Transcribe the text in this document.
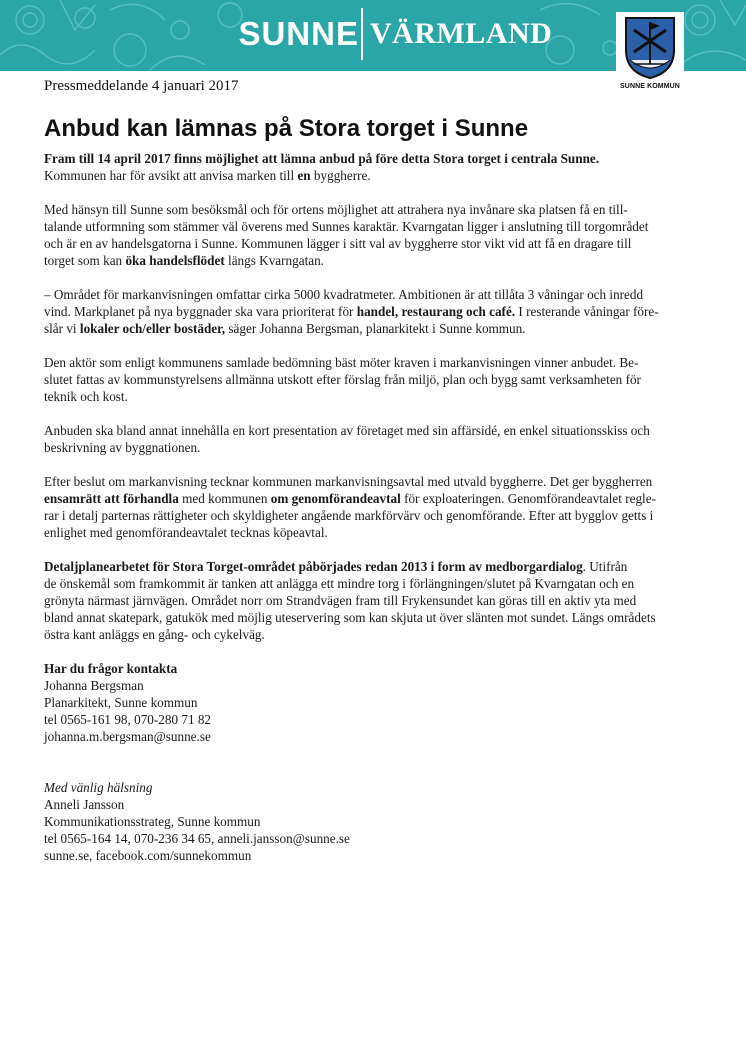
SUNNE VÄRMLAND
SUNNE KOMMUN
Pressmeddelande 4 januari 2017
Anbud kan lämnas på Stora torget i Sunne

Fram till 14 april 2017 finns möjlighet att lämna anbud på före detta Stora torget i centrala Sunne.
Kommunen har för avsikt att anvisa marken till en byggherre.

Med hänsyn till Sunne som besöksmål och för ortens möjlighet att attrahera nya invånare ska platsen få en till-
talande utformning som stämmer väl överens med Sunnes karaktär. Kvarngatan ligger i anslutning till torgområdet
och är en av handelsgatorna i Sunne. Kommunen lägger i sitt val av byggherre stor vikt vid att få en dragare till
torget som kan öka handelsflödet längs Kvarngatan.

– Området för markanvisningen omfattar cirka 5000 kvadratmeter. Ambitionen är att tillåta 3 våningar och inredd
vind. Markplanet på nya byggnader ska vara prioriterat för handel, restaurang och café. I resterande våningar före-
slår vi lokaler och/eller bostäder, säger Johanna Bergsman, planarkitekt i Sunne kommun.

Den aktör som enligt kommunens samlade bedömning bäst möter kraven i markanvisningen vinner anbudet. Be-
slutet fattas av kommunstyrelsens allmänna utskott efter förslag från miljö, plan och bygg samt verksamheten för
teknik och kost.

Anbuden ska bland annat innehålla en kort presentation av företaget med sin affärsidé, en enkel situationsskiss och
beskrivning av byggnationen.

Efter beslut om markanvisning tecknar kommunen markanvisningsavtal med utvald byggherre. Det ger byggherren
ensamrätt att förhandla med kommunen om genomförandeavtal för exploateringen. Genomförandeavtalet regle-
rar i detalj parternas rättigheter och skyldigheter angående markförvärv och genomförande. Efter att bygglov getts i
enlighet med genomförandeavtalet tecknas köpeavtal.

Detaljplanearbetet för Stora Torget-området påbörjades redan 2013 i form av medborgardialog. Utifrån
de önskemål som framkommit är tanken att anlägga ett mindre torg i förlängningen/slutet på Kvarngatan och en
grönyta närmast järnvägen. Området norr om Strandvägen fram till Frykensundet kan göras till en aktiv yta med
bland annat skatepark, gatukök med möjlig uteservering som kan skjuta ut över slänten mot sundet. Längs områdets
östra kant anläggs en gång- och cykelväg.

Har du frågor kontakta
Johanna Bergsman
Planarkitekt, Sunne kommun
tel 0565-161 98, 070-280 71 82
johanna.m.bergsman@sunne.se

Med vänlig hälsning
Anneli Jansson
Kommunikationsstrateg, Sunne kommun
tel 0565-164 14, 070-236 34 65, anneli.jansson@sunne.se
sunne.se, facebook.com/sunnekommun
